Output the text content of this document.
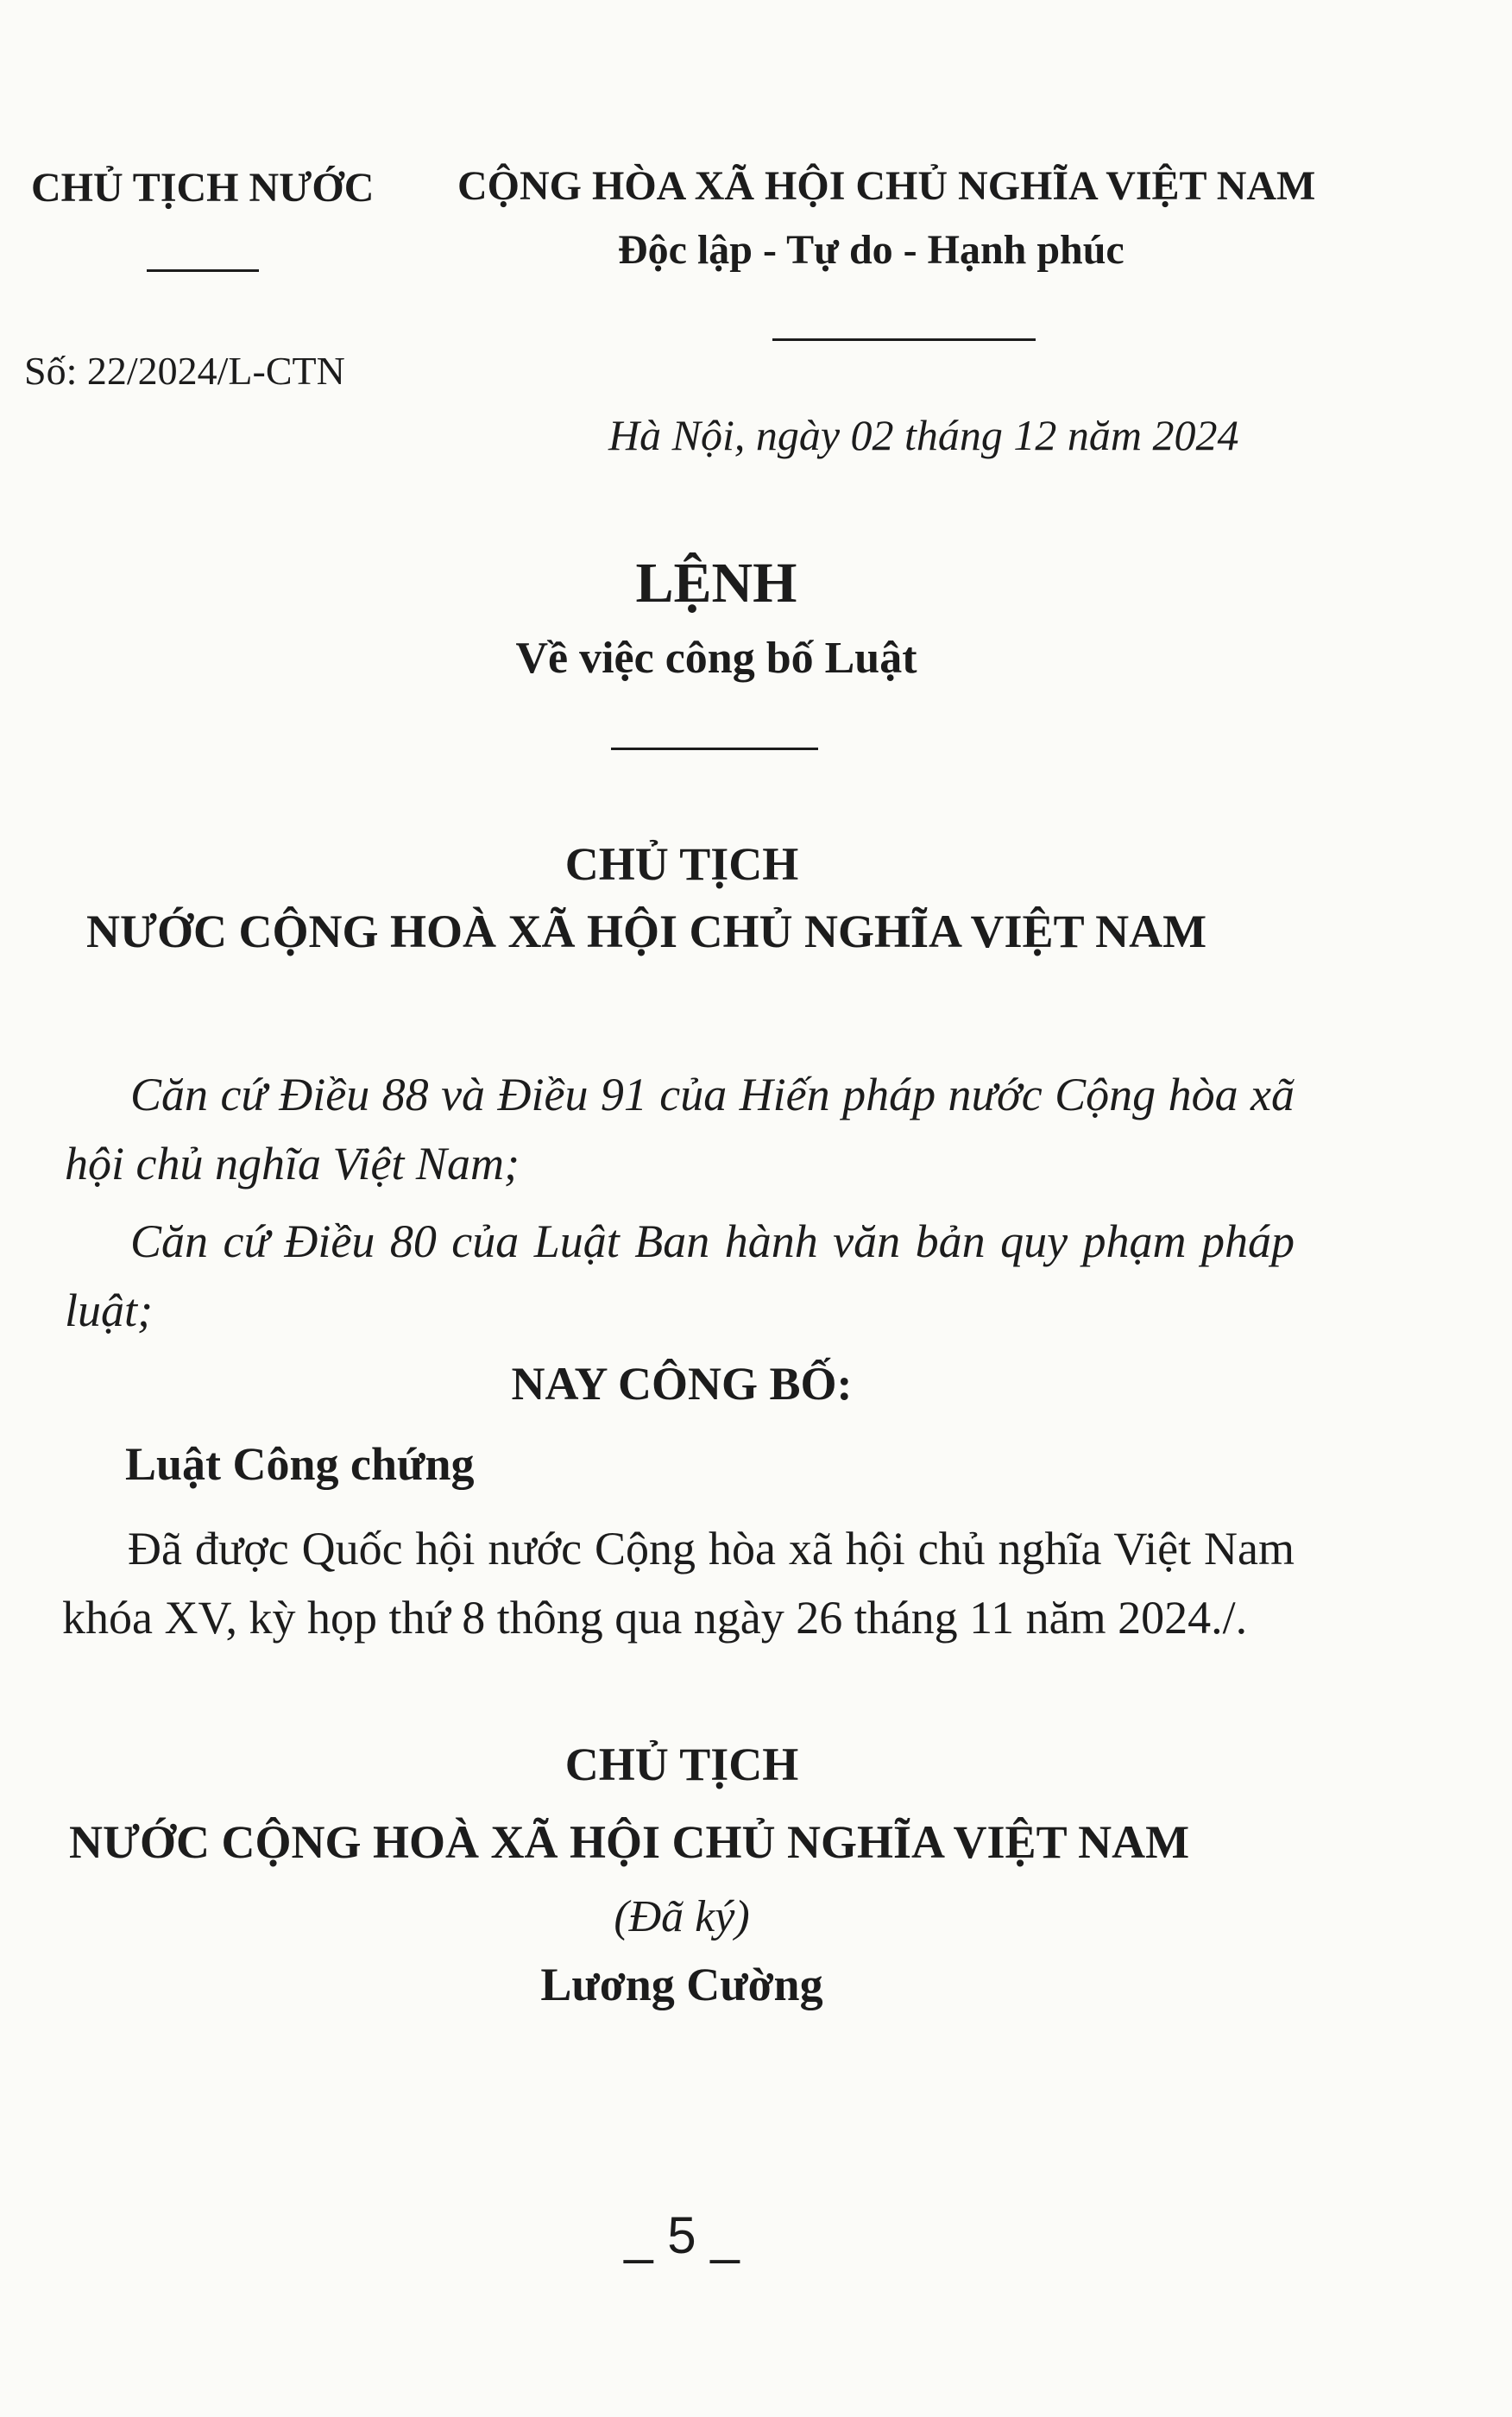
CHỦ TỊCH NƯỚC CỘNG HÒA XÃ HỘI CHỦ NGHĨA VIỆT NAM
Độc lập - Tự do - Hạnh phúc
Số: 22/2024/L-CTN
Hà Nội, ngày 02 tháng 12 năm 2024
LỆNH
Về việc công bố Luật
CHỦ TỊCH
NƯỚC CỘNG HOÀ XÃ HỘI CHỦ NGHĨA VIỆT NAM
Căn cứ Điều 88 và Điều 91 của Hiến pháp nước Cộng hòa xã hội chủ nghĩa Việt Nam;
Căn cứ Điều 80 của Luật Ban hành văn bản quy phạm pháp luật;
NAY CÔNG BỐ:
Luật Công chứng
Đã được Quốc hội nước Cộng hòa xã hội chủ nghĩa Việt Nam khóa XV, kỳ họp thứ 8 thông qua ngày 26 tháng 11 năm 2024./.
CHỦ TỊCH
NƯỚC CỘNG HOÀ XÃ HỘI CHỦ NGHĨA VIỆT NAM
(Đã ký)
Lương Cường
_ 5 _
